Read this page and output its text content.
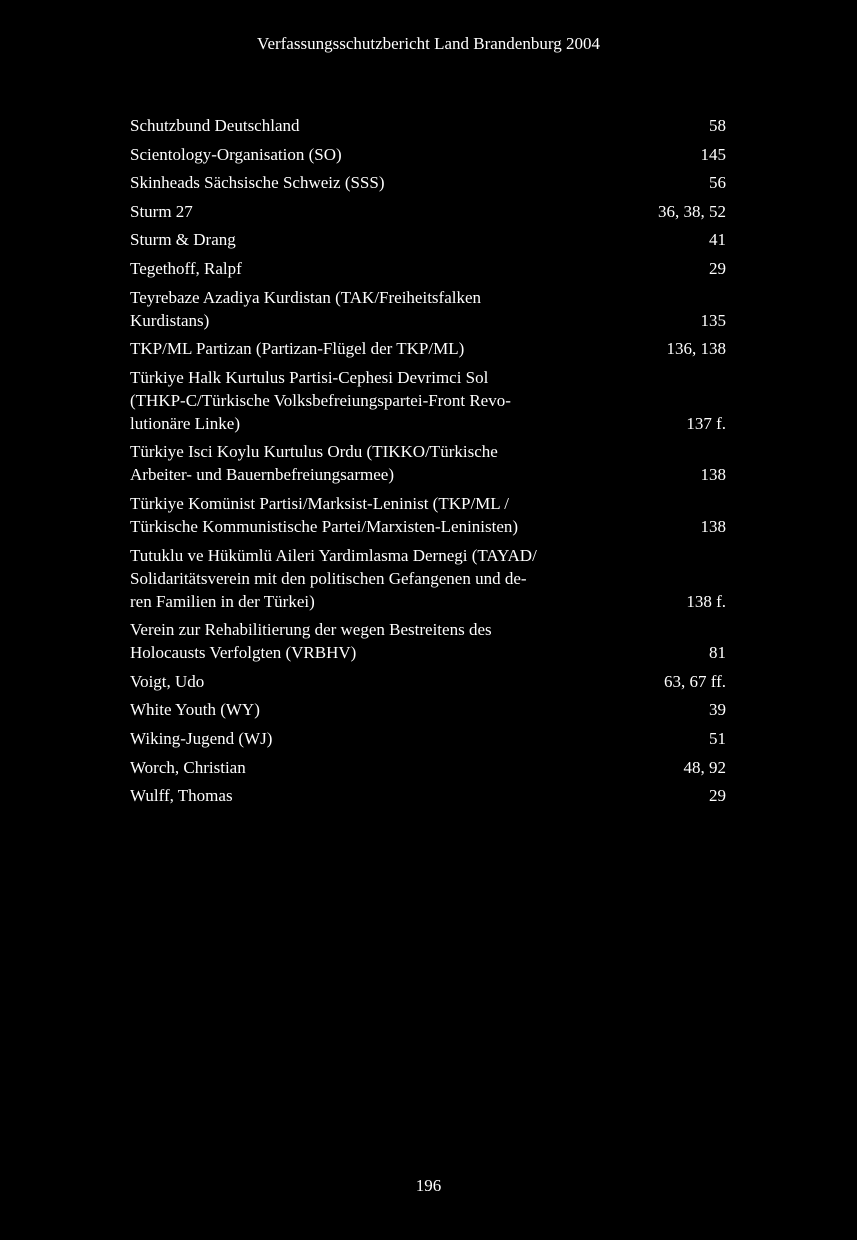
Verfassungsschutzbericht Land Brandenburg 2004
Schutzbund Deutschland	58
Scientology-Organisation (SO)	145
Skinheads Sächsische Schweiz (SSS)	56
Sturm 27	36, 38, 52
Sturm & Drang	41
Tegethoff, Ralpf	29
Teyrebaze Azadiya Kurdistan (TAK/Freiheitsfalken
Kurdistans)	135
TKP/ML Partizan (Partizan-Flügel der TKP/ML)	136, 138
Türkiye Halk Kurtulus Partisi-Cephesi Devrimci Sol
(THKP-C/Türkische Volksbefreiungspartei-Front Revo-
lutionäre Linke)	137 f.
Türkiye Isci Koylu Kurtulus Ordu (TIKKO/Türkische
Arbeiter- und Bauernbefreiungsarmee)	138
Türkiye Komünist Partisi/Marksist-Leninist (TKP/ML /
Türkische Kommunistische Partei/Marxisten-Leninisten)	138
Tutuklu ve Hükümlü Aileri Yardimlasma Dernegi (TAYAD/
Solidaritätsverein mit den politischen Gefangenen und de-
ren Familien in der Türkei)	138 f.
Verein zur Rehabilitierung der wegen Bestreitens des
Holocausts Verfolgten (VRBHV)	81
Voigt, Udo	63, 67 ff.
White Youth (WY)	39
Wiking-Jugend (WJ)	51
Worch, Christian	48, 92
Wulff, Thomas	29
196
